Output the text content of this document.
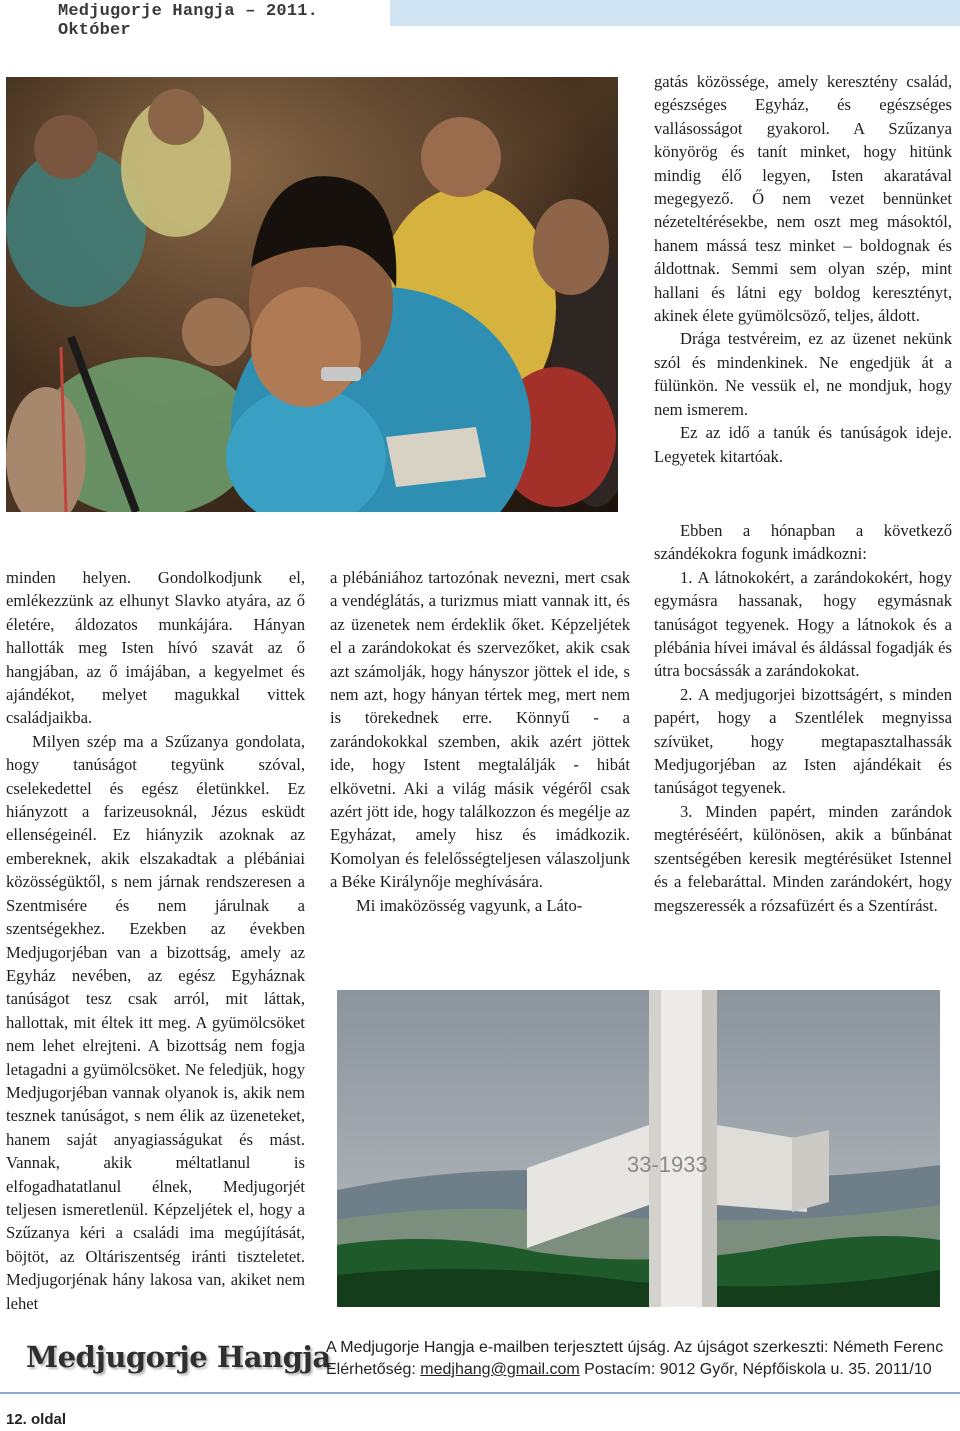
Medjugorje Hangja – 2011. Október

gatás közössége, amely keresztény család, egészséges Egyház, és egészséges vallásosságot gyakorol. A Szűzanya könyörög és tanít minket, hogy hitünk mindig élő legyen, Isten akaratával megegyező. Ő nem vezet bennünket nézeteltérésekbe, nem oszt meg másoktól, hanem mássá tesz minket – boldognak és áldottnak. Semmi sem olyan szép, mint hallani és látni egy boldog keresztényt, akinek élete gyümölcsöző, teljes, áldott.

Drága testvéreim, ez az üzenet nekünk szól és mindenkinek. Ne engedjük át a fülünkön. Ne vessük el, ne mondjuk, hogy nem ismerem.

Ez az idő a tanúk és tanúságok ideje. Legyetek kitartóak.

minden helyen. Gondolkodjunk el, emlékezzünk az elhunyt Slavko atyára, az ő életére, áldozatos munkájára. Hányan hallották meg Isten hívó szavát az ő hangjában, az ő imájában, a kegyelmet és ajándékot, melyet magukkal vittek családjaikba.

Milyen szép ma a Szűzanya gondolata, hogy tanúságot tegyünk szóval, cselekedettel és egész életünkkel. Ez hiányzott a farizeusoknál, Jézus esküdt ellenségeinél. Ez hiányzik azoknak az embereknek, akik elszakadtak a plébániai közösségüktől, s nem járnak rendszeresen a Szentmisére és nem járulnak a szentségekhez. Ezekben az években Medjugorjéban van a bizottság, amely az Egyház nevében, az egész Egyháznak tanúságot tesz csak arról, mit láttak, hallottak, mit éltek itt meg. A gyümölcsöket nem lehet elrejteni. A bizottság nem fogja letagadni a gyümölcsöket. Ne feledjük, hogy Medjugorjéban vannak olyanok is, akik nem tesznek tanúságot, s nem élik az üzeneteket, hanem saját anyagiasságukat és mást. Vannak, akik méltatlanul is elfogadhatatlanul élnek, Medjugorjét teljesen ismeretlenül. Képzeljétek el, hogy a Szűzanya kéri a családi ima megújítását, böjtöt, az Oltáriszentség iránti tiszteletet. Medjugorjénak hány lakosa van, akiket nem lehet

a plébániához tartozónak nevezni, mert csak a vendéglátás, a turizmus miatt vannak itt, és az üzenetek nem érdeklik őket. Képzeljétek el a zarándokokat és szervezőket, akik csak azt számolják, hogy hányszor jöttek el ide, s nem azt, hogy hányan tértek meg, mert nem is törekednek erre. Könnyű - a zarándokokkal szemben, akik azért jöttek ide, hogy Istent megtalálják - hibát elkövetni. Aki a világ másik végéről csak azért jött ide, hogy találkozzon és megélje az Egyházat, amely hisz és imádkozik. Komolyan és felelősségteljesen válaszoljunk a Béke Királynője meghívására.

Mi imaközösség vagyunk, a Láto-

Ebben a hónapban a következő szándékokra fogunk imádkozni:

1. A látnokokért, a zarándokokért, hogy egymásra hassanak, hogy egymásnak tanúságot tegyenek. Hogy a látnokok és a plébánia hívei imával és áldással fogadják és útra bocsássák a zarándokokat.

2. A medjugorjei bizottságért, s minden papért, hogy a Szentlélek megnyissa szívüket, hogy megtapasztalhassák Medjugorjéban az Isten ajándékait és tanúságot tegyenek.

3. Minden papért, minden zarándok megtéréséért, különösen, akik a bűnbánat szentségében keresik megtérésüket Istennel és a felebaráttal. Minden zarándokért, hogy megszeressék a rózsafüzért és a Szentírást.

33-1933
Medjugorje Hangja
A Medjugorje Hangja e-mailben terjesztett újság. Az újságot szerkeszti: Németh Ferenc
Elérhetőség: medjhang@gmail.com Postacím: 9012 Győr, Népfőiskola u. 35. 2011/10
12. oldal
